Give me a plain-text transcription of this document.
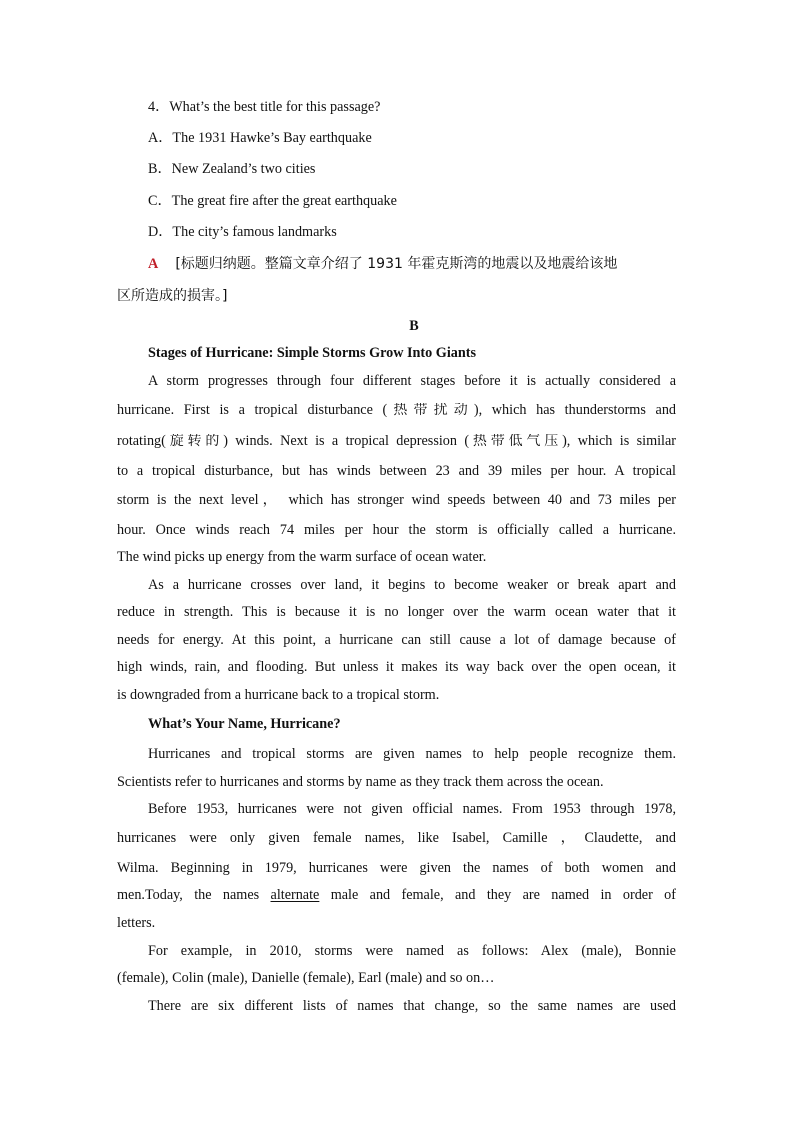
4．What’s the best title for this passage?
A．The 1931 Hawke’s Bay earthquake
B．New Zealand’s two cities
C．The great fire after the great earthquake
D．The city’s famous landmarks
A [标题归纳题。整篇文章介绍了 1931 年霍克斯湾的地震以及地震给该地
区所造成的损害。]
B
Stages of Hurricane: Simple Storms Grow Into Giants
A storm progresses through four different stages before it is actually considered a
hurricane. First is a tropical disturbance (热带扰动), which has thunderstorms and
rotating(旋转的) winds. Next is a tropical depression (热带低气压), which is similar
to a tropical disturbance, but has winds between 23 and 39 miles per hour. A tropical
storm is the next level， which has stronger wind speeds between 40 and 73 miles per
hour. Once winds reach 74 miles per hour the storm is officially called a hurricane.
The wind picks up energy from the warm surface of ocean water.
As a hurricane crosses over land, it begins to become weaker or break apart and
reduce in strength. This is because it is no longer over the warm ocean water that it
needs for energy. At this point, a hurricane can still cause a lot of damage because of
high winds, rain, and flooding. But unless it makes its way back over the open ocean, it
is downgraded from a hurricane back to a tropical storm.
What’s Your Name, Hurricane?
Hurricanes and tropical storms are given names to help people recognize them.
Scientists refer to hurricanes and storms by name as they track them across the ocean.
Before 1953, hurricanes were not given official names. From 1953 through 1978,
hurricanes were only given female names, like Isabel, Camille ，Claudette, and
Wilma. Beginning in 1979, hurricanes were given the names of both women and
men.Today, the names alternate male and female, and they are named in order of
letters.
For example, in 2010, storms were named as follows: Alex (male), Bonnie
(female), Colin (male), Danielle (female), Earl (male) and so on…
There are six different lists of names that change, so the same names are used
